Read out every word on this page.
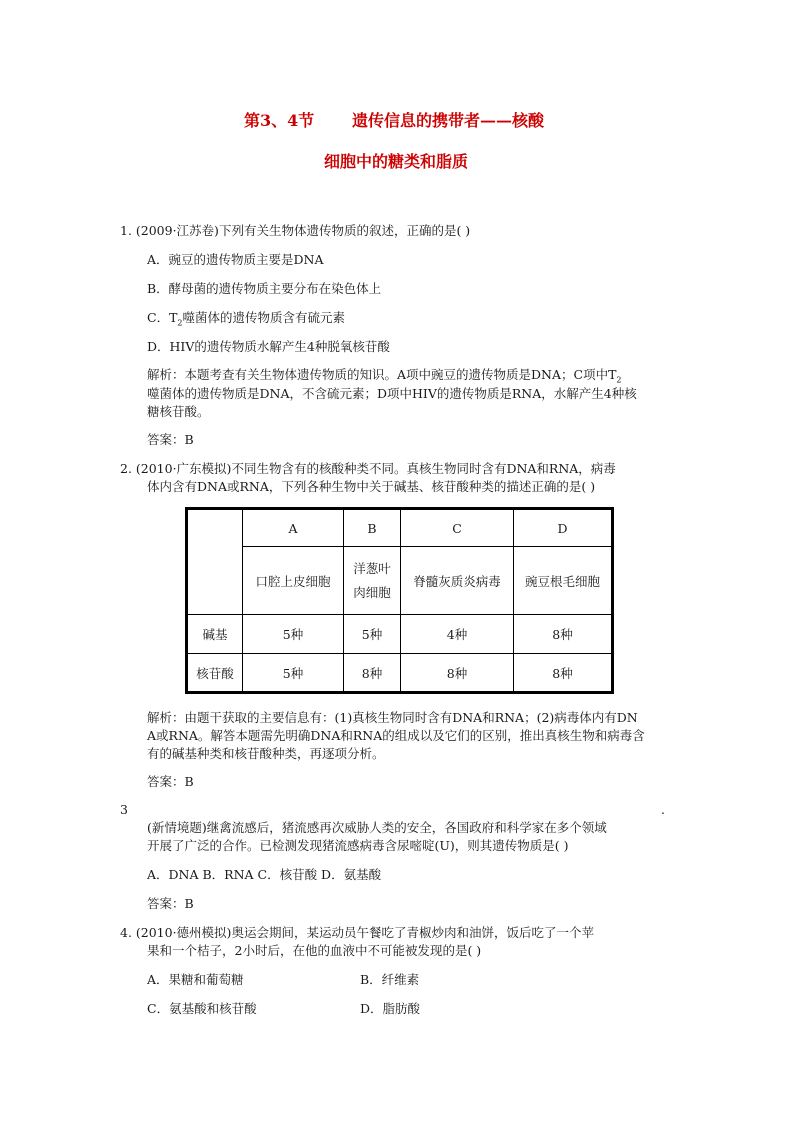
第3、4节 遗传信息的携带者——核酸
细胞中的糖类和脂质
1. (2009·江苏卷)下列有关生物体遗传物质的叙述，正确的是( )
A．豌豆的遗传物质主要是DNA
B．酵母菌的遗传物质主要分布在染色体上
C．$T_2$噬菌体的遗传物质含有硫元素
D．HIV的遗传物质水解产生4种脱氧核苷酸
解析：本题考查有关生物体遗传物质的知识。A项中豌豆的遗传物质是DNA；C项中$T_2$
噬菌体的遗传物质是DNA，不含硫元素；D项中HIV的遗传物质是RNA，水解产生4种核
糖核苷酸。
答案：B
2. (2010·广东模拟)不同生物含有的核酸种类不同。真核生物同时含有DNA和RNA，病毒
体内含有DNA或RNA，下列各种生物中关于碱基、核苷酸种类的描述正确的是( )
	A	B	C	D
	口腔上皮细胞	洋葱叶
肉细胞	脊髓灰质炎病毒	豌豆根毛细胞
碱基	5种	5种	4种	8种
核苷酸	5种	8种	8种	8种
解析：由题干获取的主要信息有：(1)真核生物同时含有DNA和RNA；(2)病毒体内有DN
A或RNA。解答本题需先明确DNA和RNA的组成以及它们的区别，推出真核生物和病毒含
有的碱基种类和核苷酸种类，再逐项分析。
答案：B
3	.
(新情境题)继禽流感后，猪流感再次威胁人类的安全，各国政府和科学家在多个领域
开展了广泛的合作。已检测发现猪流感病毒含尿嘧啶(U)，则其遗传物质是( )
A．DNA B．RNA C．核苷酸 D．氨基酸
答案：B
4. (2010·德州模拟)奥运会期间，某运动员午餐吃了青椒炒肉和油饼，饭后吃了一个苹
果和一个桔子，2小时后，在他的血液中不可能被发现的是( )
A．果糖和葡萄糖	B．纤维素
C．氨基酸和核苷酸	D．脂肪酸
